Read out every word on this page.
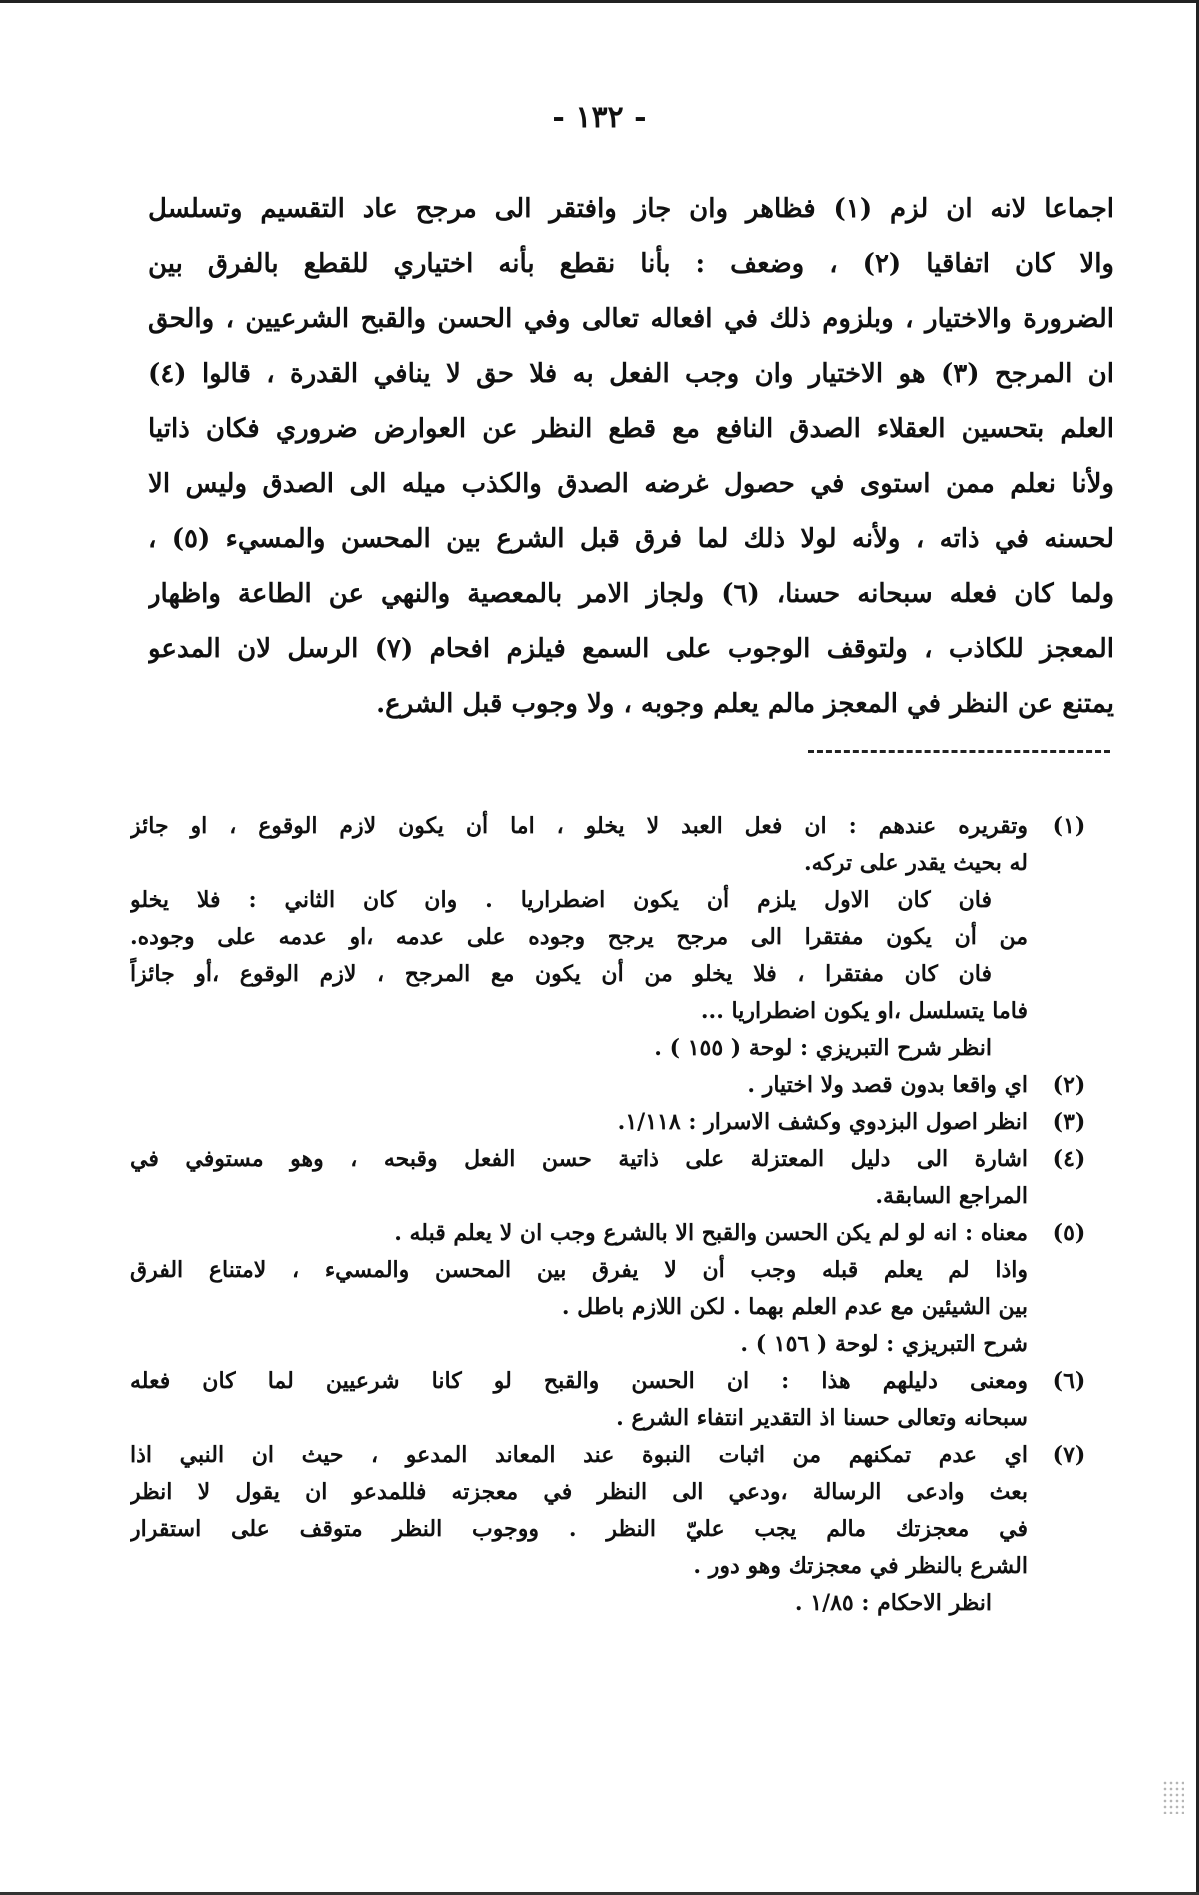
- ١٣٢ -
اجماعا لانه ان لزم (١) فظاهر وان جاز وافتقر الى مرجح عاد التقسيم وتسلسل
والا كان اتفاقيا (٢) ، وضعف : بأنا نقطع بأنه اختياري للقطع بالفرق بين
الضرورة والاختيار ، وبلزوم ذلك في افعاله تعالى وفي الحسن والقبح الشرعيين ، والحق
ان المرجح (٣) هو الاختيار وان وجب الفعل به فلا حق لا ينافي القدرة ، قالوا (٤)
العلم بتحسين العقلاء الصدق النافع مع قطع النظر عن العوارض ضروري فكان ذاتيا
ولأنا نعلم ممن استوى في حصول غرضه الصدق والكذب ميله الى الصدق وليس الا
لحسنه في ذاته ، ولأنه لولا ذلك لما فرق قبل الشرع بين المحسن والمسيء (٥) ،
ولما كان فعله سبحانه حسنا، (٦) ولجاز الامر بالمعصية والنهي عن الطاعة واظهار
المعجز للكاذب ، ولتوقف الوجوب على السمع فيلزم افحام (٧) الرسل لان المدعو
يمتنع عن النظر في المعجز مالم يعلم وجوبه ، ولا وجوب قبل الشرع.
(١)
وتقريره عندهم : ان فعل العبد لا يخلو ، اما أن يكون لازم الوقوع ، او جائز
له بحيث يقدر على تركه.
فان كان الاول يلزم أن يكون اضطراريا . وان كان الثاني : فلا يخلو
من أن يكون مفتقرا الى مرجح يرجح وجوده على عدمه ،او عدمه على وجوده.
فان كان مفتقرا ، فلا يخلو من أن يكون مع المرجح ، لازم الوقوع ،أو جائزاً
فاما يتسلسل ،او يكون اضطراريا ...
انظر شرح التبريزي : لوحة ( ١٥٥ ) .
(٢)
اي واقعا بدون قصد ولا اختيار .
(٣)
انظر اصول البزدوي وكشف الاسرار : ١/١١٨.
(٤)
اشارة الى دليل المعتزلة على ذاتية حسن الفعل وقبحه ، وهو مستوفي في
المراجع السابقة.
(٥)
معناه : انه لو لم يكن الحسن والقبح الا بالشرع وجب ان لا يعلم قبله .
واذا لم يعلم قبله وجب أن لا يفرق بين المحسن والمسيء ، لامتناع الفرق
بين الشيئين مع عدم العلم بهما . لكن اللازم باطل .
شرح التبريزي : لوحة ( ١٥٦ ) .
(٦)
ومعنى دليلهم هذا : ان الحسن والقبح لو كانا شرعيين لما كان فعله
سبحانه وتعالى حسنا اذ التقدير انتفاء الشرع .
(٧)
اي عدم تمكنهم من اثبات النبوة عند المعاند المدعو ، حيث ان النبي اذا
بعث وادعى الرسالة ،ودعي الى النظر في معجزته فللمدعو ان يقول لا انظر
في معجزتك مالم يجب عليّ النظر . ووجوب النظر متوقف على استقرار
الشرع بالنظر في معجزتك وهو دور .
انظر الاحكام : ١/٨٥ .
